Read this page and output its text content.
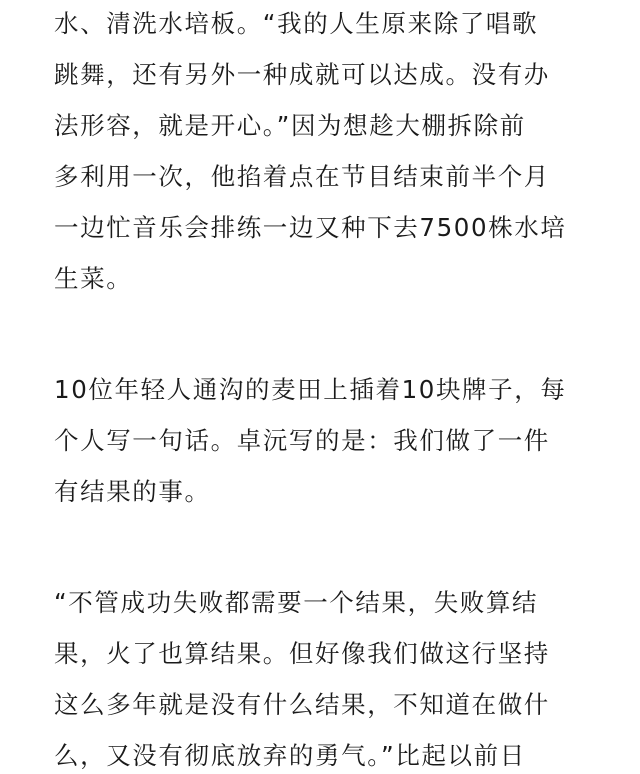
水、清洗水培板。“我的人生原来除了唱歌
跳舞，还有另外一种成就可以达成。没有办
法形容，就是开心。”因为想趁大棚拆除前
多利用一次，他掐着点在节目结束前半个月
一边忙音乐会排练一边又种下去7500株水培
生菜。
10位年轻人通沟的麦田上插着10块牌子，每
个人写一句话。卓沅写的是：我们做了一件
有结果的事。
“不管成功失败都需要一个结果，失败算结
果，火了也算结果。但好像我们做这行坚持
这么多年就是没有什么结果，不知道在做什
么，又没有彻底放弃的勇气。”比起以前日
